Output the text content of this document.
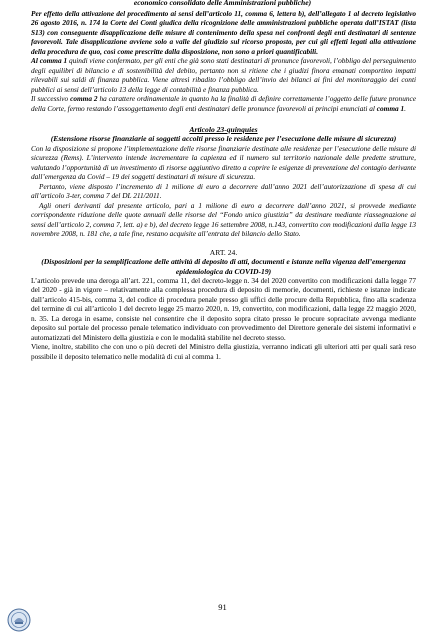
economico consolidato delle Amministrazioni pubbliche)

Per effetto della attivazione del procedimento ai sensi dell’articolo 11, comma 6, lettera b), dell’allegato 1 al decreto legislativo 26 agosto 2016, n. 174 la Corte dei Conti giudica della ricognizione delle amministrazioni pubbliche operata dall’ISTAT (lista S13) con conseguente disapplicazione delle misure di contenimento della spesa nei confronti degli enti destinatari di sentenze favorevoli. Tale disapplicazione avviene solo a valle del giudizio sul ricorso proposto, per cui gli effetti legati alla attivazione della procedura de quo, così come prescritte dalla disposizione, non sono a priori quantificabili.

Al comma 1 quindi viene confermato, per gli enti che già sono stati destinatari di pronunce favorevoli, l’obbligo del perseguimento degli equilibri di bilancio e di sostenibilità del debito, pertanto non si ritiene che i giudizi finora emanati comportino impatti rilevabili sui saldi di finanza pubblica. Viene altresì ribadito l’obbligo dell’invio dei bilanci ai fini del monitoraggio dei conti pubblici ai sensi dell’articolo 13 della legge di contabilità e finanza pubblica.

Il successivo comma 2 ha carattere ordinamentale in quanto ha la finalità di definire correttamente l’oggetto delle future pronunce della Corte, fermo restando l’assoggettamento degli enti destinatari delle pronunce favorevoli ai principi enunciati al comma 1.

Articolo 23-quinquies

(Estensione risorse finanziarie ai soggetti accolti presso le residenze per l’esecuzione delle misure di sicurezza)

Con la disposizione si propone l’implementazione delle risorse finanziarie destinate alle residenze per l’esecuzione delle misure di sicurezza (Rems). L’intervento intende incrementare la capienza ed il numero sul territorio nazionale delle predette strutture, valutando l’opportunità di un investimento di risorse aggiuntivo diretto a coprire le esigenze di prevenzione del contagio derivante dall’emergenza da Covid – 19 dei soggetti destinatari di misure di sicurezza.

Pertanto, viene disposto l’incremento di 1 milione di euro a decorrere dall’anno 2021 dell’autorizzazione di spesa di cui all’articolo 3-ter, comma 7 del DL 211/2011.

Agli oneri derivanti dal presente articolo, pari a 1 milione di euro a decorrere dall’anno 2021, si provvede mediante corrispondente riduzione delle quote annuali delle risorse del “Fondo unico giustizia” da destinare mediante riassegnazione ai sensi dell’articolo 2, comma 7, lett. a) e b), del decreto legge 16 settembre 2008, n.143, convertito con modificazioni dalla legge 13 novembre 2008, n. 181 che, a tale fine, restano acquisite all’entrata del bilancio dello Stato.

ART. 24.

(Disposizioni per la semplificazione delle attività di deposito di atti, documenti e istanze nella vigenza dell’emergenza epidemiologica da COVID-19)

L’articolo prevede una deroga all’art. 221, comma 11, del decreto-legge n. 34 del 2020 convertito con modificazioni dalla legge 77 del 2020 - già in vigore – relativamente alla complessa procedura di deposito di memorie, documenti, richieste e istanze indicate dall’articolo 415-bis, comma 3, del codice di procedura penale presso gli uffici delle procure della Repubblica, fino alla scadenza del termine di cui all’articolo 1 del decreto legge 25 marzo 2020, n. 19, convertito, con modificazioni, dalla legge 22 maggio 2020, n. 35. La deroga in esame, consiste nel consentire che il deposito sopra citato presso le procure sopracitate avvenga mediante deposito sul portale del processo penale telematico individuato con provvedimento del Direttore generale dei sistemi informativi e automatizzati del Ministero della giustizia e con le modalità stabilite nel decreto stesso.

Viene, inoltre, stabilito che con uno o più decreti del Ministro della giustizia, verranno indicati gli ulteriori atti per quali sarà reso possibile il deposito telematico nelle modalità di cui al comma 1.

91
